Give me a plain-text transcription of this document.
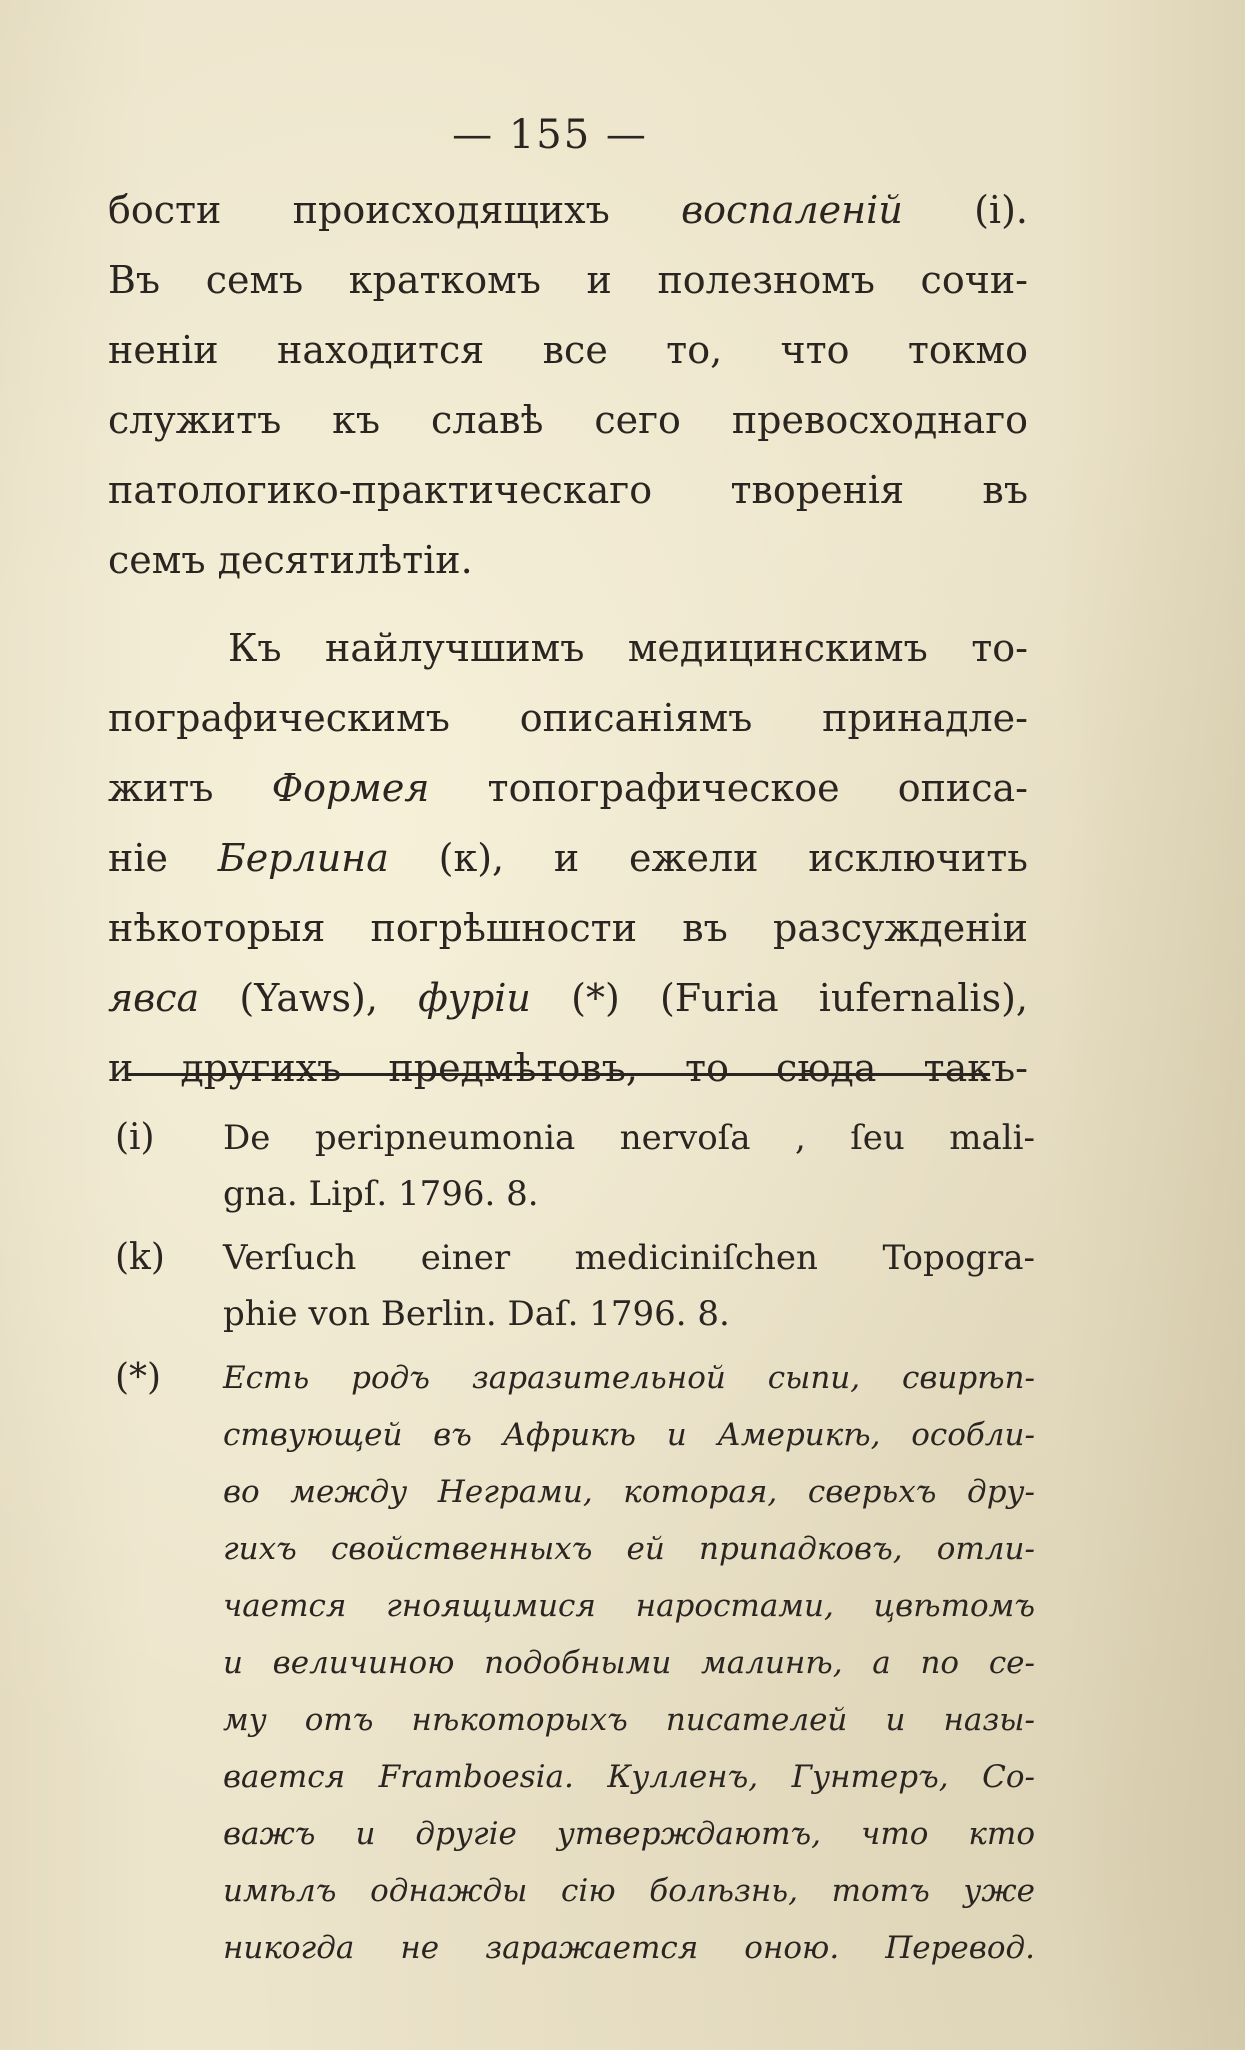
— 155 —
бости происходящихъ воспаленій (i).
Въ семъ краткомъ и полезномъ сочи-
неніи находится все то, что токмо
служитъ къ славѣ сего превосходнаго
патологико-практическаго творенія въ
семъ десятилѣтіи.
Къ найлучшимъ медицинскимъ то-
пографическимъ описаніямъ принадле-
житъ Формея топографическое описа-
ніе Берлина (к), и ежели исключить
нѣкоторыя погрѣшности въ разсужденіи
явса (Yaws), фуріи (*) (Furia iufernalis),
и другихъ предмѣтовъ, то сюда такъ-
(i) De peripneumonia nervoſa , ſeu mali-
gna. Lipſ. 1796. 8.
(k) Verſuch einer mediciniſchen Topogra-
phie von Berlin. Daſ. 1796. 8.
(*) Есть родъ заразительной сыпи, свирѣп-
ствующей въ Африкѣ и Америкѣ, особли-
во между Неграми, которая, сверьхъ дру-
гихъ свойственныхъ ей припадковъ, отли-
чается гноящимися наростами, цвѣтомъ
и величиною подобными малинѣ, а по се-
му отъ нѣкоторыхъ писателей и назы-
вается Framboesia. Кулленъ, Гунтеръ, Со-
важъ и другіе утверждаютъ, что кто
имѣлъ однажды сію болѣзнь, тотъ уже
никогда не заражается оною. Перевод.
